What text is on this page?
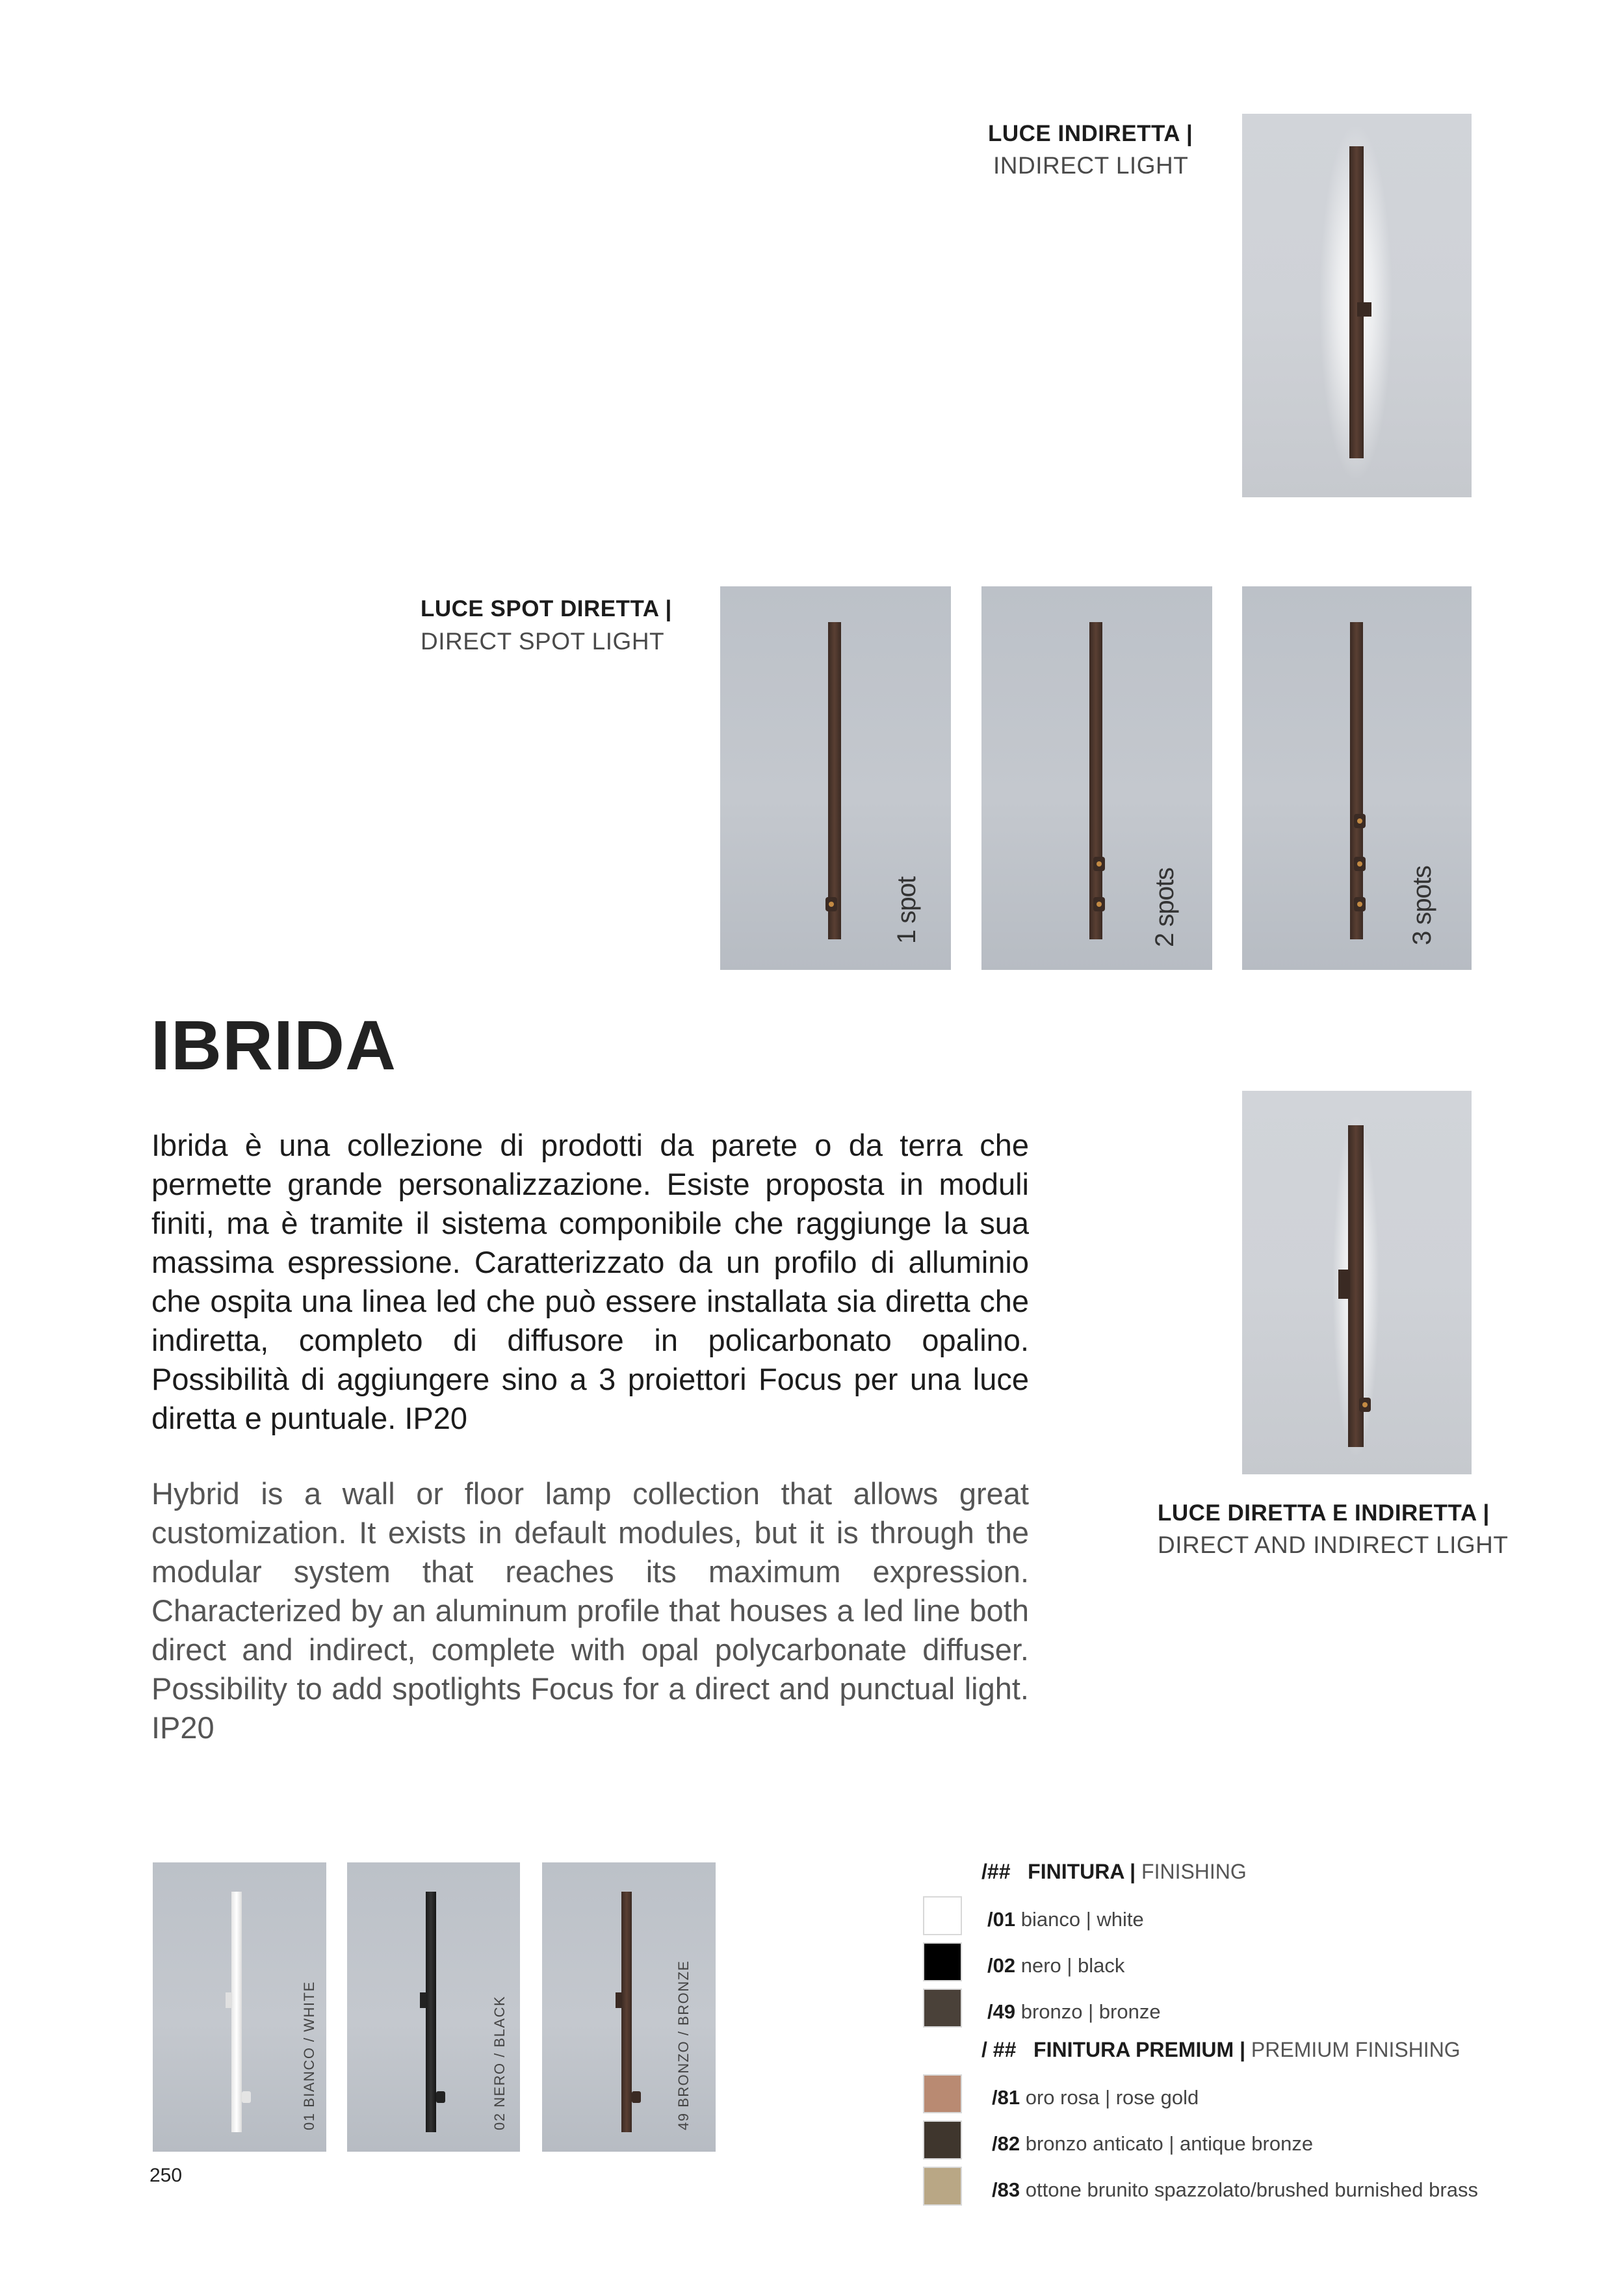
LUCE INDIRETTA |
INDIRECT LIGHT
LUCE SPOT DIRETTA |
DIRECT SPOT LIGHT
1 spot	2 spots	3 spots
IBRIDA

Ibrida è una collezione di prodotti da parete o da terra che permette grande personalizzazione. Esiste proposta in moduli finiti, ma è tramite il sistema componibile che raggiunge la sua massima espressione. Caratterizzato da un profilo di alluminio che ospita una linea led che può essere installata sia diretta che indiretta, completo di diffusore in policarbonato opalino. Possibilità di aggiungere sino a 3 proiettori Focus per una luce diretta e puntuale. IP20

Hybrid is a wall or floor lamp collection that allows great customization. It exists in default modules, but it is through the modular system that reaches its maximum expression. Characterized by an aluminum profile that houses a led line both direct and indirect, complete with opal polycarbonate diffuser. Possibility to add spotlights Focus for a direct and punctual light. IP20

LUCE DIRETTA E INDIRETTA |
DIRECT AND INDIRECT LIGHT
01 BIANCO / WHITE	02 NERO / BLACK	49 BRONZO / BRONZE
250
/## FINITURA | FINISHING
/01 bianco | white
/02 nero | black
/49 bronzo | bronze
/ ## FINITURA PREMIUM | PREMIUM FINISHING
/81 oro rosa | rose gold
/82 bronzo anticato | antique bronze
/83 ottone brunito spazzolato/brushed burnished brass
